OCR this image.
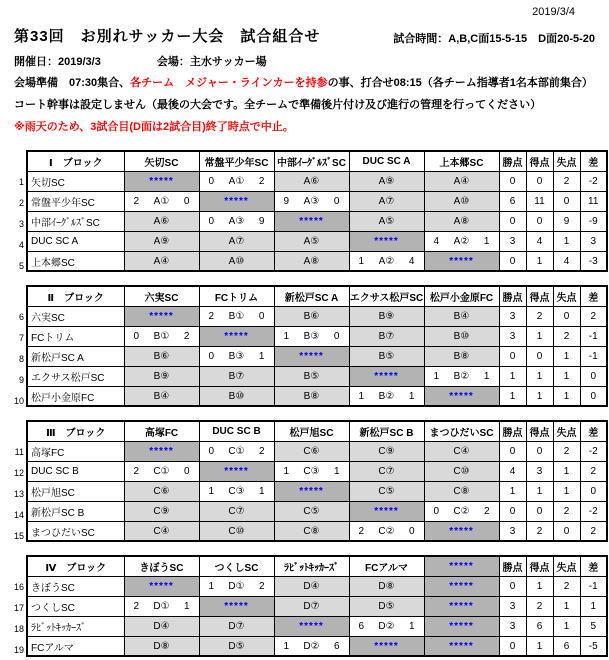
2019/3/4
第33回　お別れサッカー大会　試合組合せ	試合時間：A,B,C面15-5-15　D面20-5-20
開催日：2019/3/3	会場：主水サッカー場
会場準備　07:30集合、各チーム　メジャー・ラインカーを持参の事、打合せ08:15（各チーム指導者1名本部前集合）
コート幹事は設定しません（最後の大会です。全チームで準備後片付け及び進行の管理を行ってください）
※雨天のため、3試合目(D面は2試合目)終了時点で中止。
1
2
3
4
5
Ⅰ　ブロック	矢切SC	常盤平少年SC	中部ｲｰｸﾞﾙｽﾞSC	DUC SC A	上本郷SC	勝点	得点	失点	差
矢切SC	*****	0 A① 2	A⑥	A⑨	A④	0	0	2	-2
常盤平少年SC	2 A① 0	*****	9 A③ 0	A⑦	A⑩	6	11	0	11
中部ｲｰｸﾞﾙｽﾞSC	A⑥	0 A③ 9	*****	A⑤	A⑧	0	0	9	-9
DUC SC A	A⑨	A⑦	A⑤	*****	4 A② 1	3	4	1	3
上本郷SC	A④	A⑩	A⑧	1 A② 4	*****	0	1	4	-3
6
7
8
9
10
Ⅱ　ブロック	六実SC	FCトリム	新松戸SC A	エクサス松戸SC	松戸小金原FC	勝点	得点	失点	差
六実SC	*****	2 B① 0	B⑥	B⑨	B④	3	2	0	2
FCトリム	0 B① 2	*****	1 B③ 0	B⑦	B⑩	3	1	2	-1
新松戸SC A	B⑥	0 B③ 1	*****	B⑤	B⑧	0	0	1	-1
エクサス松戸SC	B⑨	B⑦	B⑤	*****	1 B② 1	1	1	1	0
松戸小金原FC	B④	B⑩	B⑧	1 B② 1	*****	1	1	1	0
11
12
13
14
15
Ⅲ　ブロック	高塚FC	DUC SC B	松戸旭SC	新松戸SC B	まつひだいSC	勝点	得点	失点	差
高塚FC	*****	0 C① 2	C⑥	C⑨	C④	0	0	2	-2
DUC SC B	2 C① 0	*****	1 C③ 1	C⑦	C⑩	4	3	1	2
松戸旭SC	C⑥	1 C③ 1	*****	C⑤	C⑧	1	1	1	0
新松戸SC B	C⑨	C⑦	C⑤	*****	0 C② 2	0	0	2	-2
まつひだいSC	C④	C⑩	C⑧	2 C② 0	*****	3	2	0	2
16
17
18
19
Ⅳ　ブロック	きぼうSC	つくしSC	ﾗﾋﾞｯﾄｷｯｶｰｽﾞ	FCアルマ	*****	勝点	得点	失点	差
きぼうSC	*****	1 D① 2	D④	D⑧	*****	0	1	2	-1
つくしSC	2 D① 1	*****	D⑦	D⑤	*****	3	2	1	1
ﾗﾋﾞｯﾄｷｯｶｰｽﾞ	D④	D⑦	*****	6 D② 1	*****	3	6	1	5
FCアルマ	D⑧	D⑤	1 D② 6	*****	*****	0	1	6	-5
